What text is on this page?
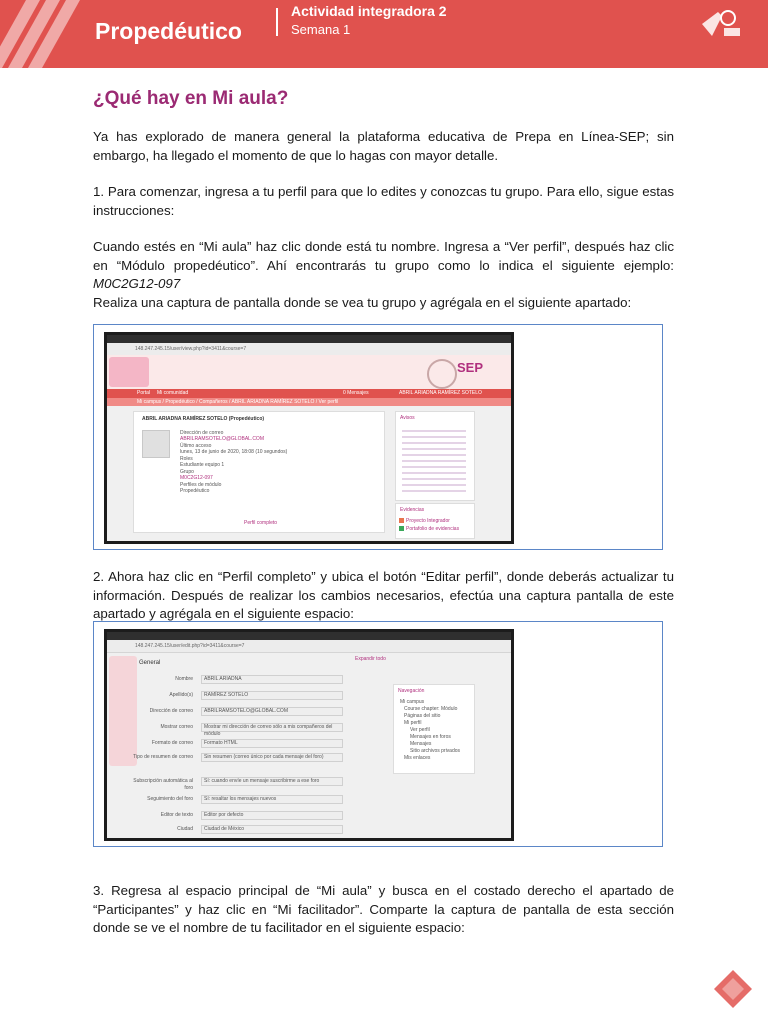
Propedéutico
Actividad integradora 2
Semana 1
¿Qué hay en Mi aula?

Ya has explorado de manera general la plataforma educativa de Prepa en Línea-SEP; sin embargo, ha llegado el momento de que lo hagas con mayor detalle.

1. Para comenzar, ingresa a tu perfil para que lo edites y conozcas tu grupo. Para ello, sigue estas instrucciones:

Cuando estés en “Mi aula” haz clic donde está tu nombre. Ingresa a “Ver perfil”, después haz clic en “Módulo propedéutico”. Ahí encontrarás tu grupo como lo indica el siguiente ejemplo: M0C2G12-097

Realiza una captura de pantalla donde se vea tu grupo y agrégala en el siguiente apartado:

148.247.245.15/user/view.php?id=3411&course=7
SEP
Portal Mi comunidad	0 Mensajes	ABRIL ARIADNA RAMÍREZ SOTELO
Mi campus / Propedéutico / Compañeros / ABRIL ARIADNA RAMÍREZ SOTELO / Ver perfil
ABRIL ARIADNA RAMÍREZ SOTELO (Propedéutico)
Dirección de correo
ABRILRAMSOTELO@GLOBAL.COM
Último acceso
lunes, 13 de junio de 2020, 18:08 (10 segundos)
Roles
Estudiante equipo 1
Grupo
M0C2G12-097
Perfiles de módulo
Propedéutico
Perfil completo
Avisos
Evidencias
Proyecto Integrador
Portafolio de evidencias

2. Ahora haz clic en “Perfil completo” y ubica el botón “Editar perfil”, donde deberás actualizar tu información. Después de realizar los cambios necesarios, efectúa una captura pantalla de este apartado y agrégala en el siguiente espacio:

148.247.245.15/user/edit.php?id=3411&course=7
Expandir todo
General
Nombre ABRIL ARIADNA
Apellido(s) RAMÍREZ SOTELO
Dirección de correo ABRILRAMSOTELO@GLOBAL.COM
Mostrar correo Mostrar mi dirección de correo sólo a mis compañeros del módulo
Formato de correo Formato HTML
Tipo de resumen de correo Sin resumen (correo único por cada mensaje del foro)
Subscripción automática al foro
Sí: cuando envíe un mensaje suscribirme a ese foro
Seguimiento del foro Sí: resaltar los mensajes nuevos
Editor de texto Editor por defecto
Ciudad Ciudad de México
Navegación
Mi campus
Course chapter: Módulo
Páginas del sitio
Mi perfil
Ver perfil
Mensajes en foros
Mensajes
Sitio archivos privados
Mis enlaces

3. Regresa al espacio principal de “Mi aula” y busca en el costado derecho el apartado de “Participantes” y haz clic en “Mi facilitador”. Comparte la captura de pantalla de esta sección donde se ve el nombre de tu facilitador en el siguiente espacio:
